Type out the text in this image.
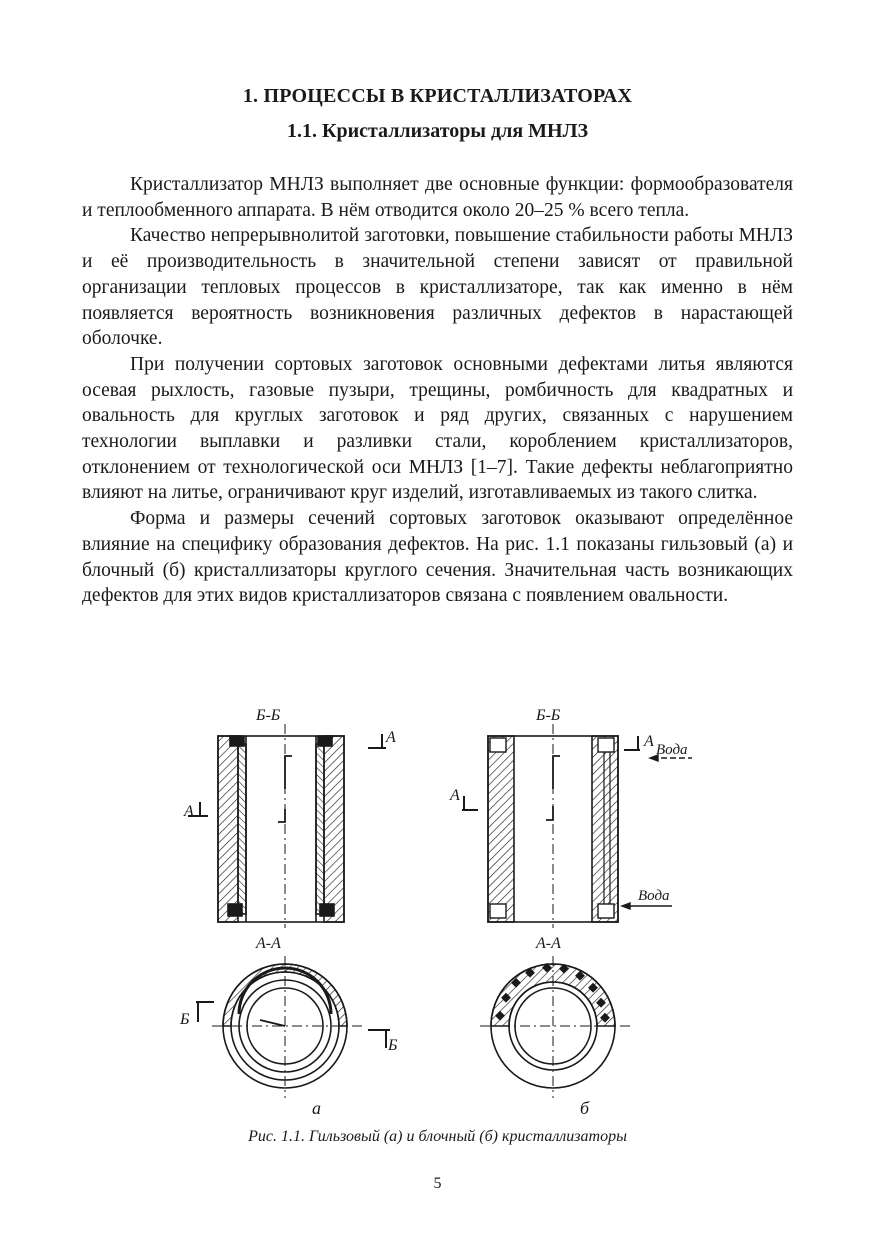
1. ПРОЦЕССЫ В КРИСТАЛЛИЗАТОРАХ
1.1. Кристаллизаторы для МНЛЗ

Кристаллизатор МНЛЗ выполняет две основные функции: формообразователя и теплообменного аппарата. В нём отводится около 20–25 % всего тепла.

Качество непрерывнолитой заготовки, повышение стабильности работы МНЛЗ и её производительность в значительной степени зависят от правильной организации тепловых процессов в кристаллизаторе, так как именно в нём появляется вероятность возникновения различных дефектов в нарастающей оболочке.

При получении сортовых заготовок основными дефектами литья являются осевая рыхлость, газовые пузыри, трещины, ромбичность для квадратных и овальность для круглых заготовок и ряд других, связанных с нарушением технологии выплавки и разливки стали, короблением кристаллизаторов, отклонением от технологической оси МНЛЗ [1–7]. Такие дефекты неблагоприятно влияют на литье, ограничивают круг изделий, изготавливаемых из такого слитка.

Форма и размеры сечений сортовых заготовок оказывают определённое влияние на специфику образования дефектов. На рис. 1.1 показаны гильзовый (а) и блочный (б) кристаллизаторы круглого сечения. Значительная часть возникающих дефектов для этих видов кристаллизаторов связана с появлением овальности.

Б-Б
А
А
А-А
Б
Б
а
Б-Б
А Вода
А
Вода
А-А
б
Рис. 1.1. Гильзовый (а) и блочный (б) кристаллизаторы
5
